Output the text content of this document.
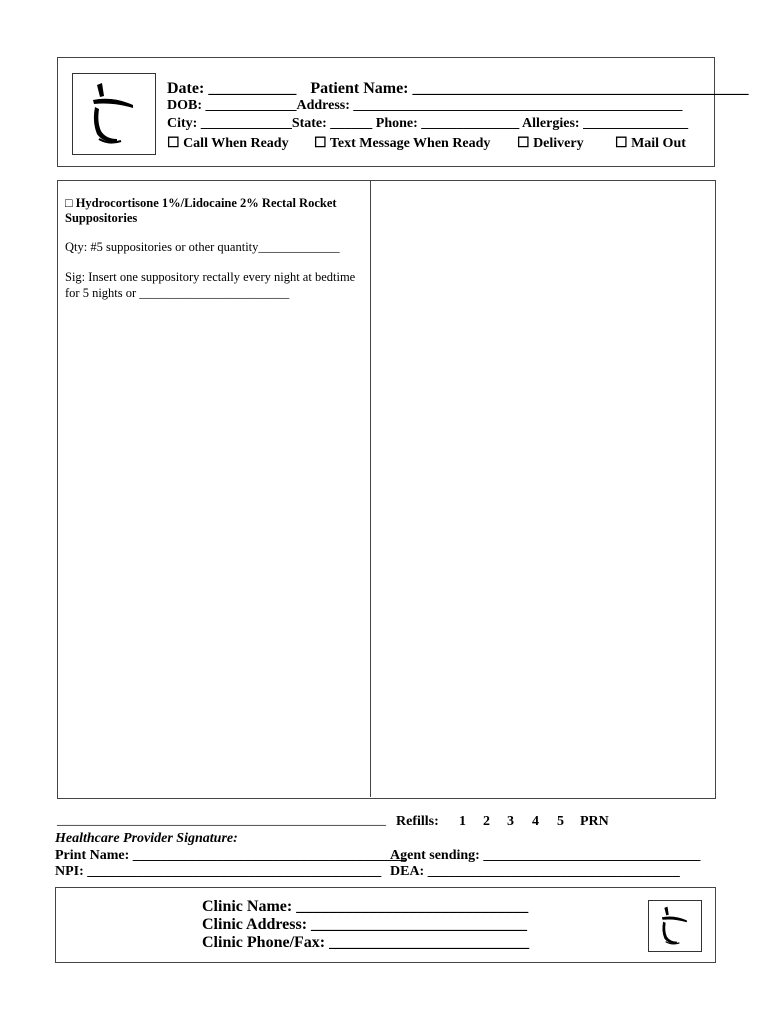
Date: ___________ Patient Name: __________________________________________
DOB: _____________Address: _______________________________________________
City: _____________State: ______ Phone: ______________ Allergies: _______________
☐ Call When Ready ☐ Text Message When Ready ☐ Delivery ☐ Mail Out
□ Hydrocortisone 1%/Lidocaine 2% Rectal Rocket
Suppositories
Qty: #5 suppositories or other quantity_____________
Sig: Insert one suppository rectally every night at bedtime
for 5 nights or ________________________
_______________________________________________
Healthcare Provider Signature:
Print Name: _______________________________________
NPI: __________________________________________
Refills: 1 2 3 4 5 PRN
Agent sending: _______________________________
DEA: ____________________________________
Clinic Name: _____________________________
Clinic Address: ___________________________
Clinic Phone/Fax: _________________________
